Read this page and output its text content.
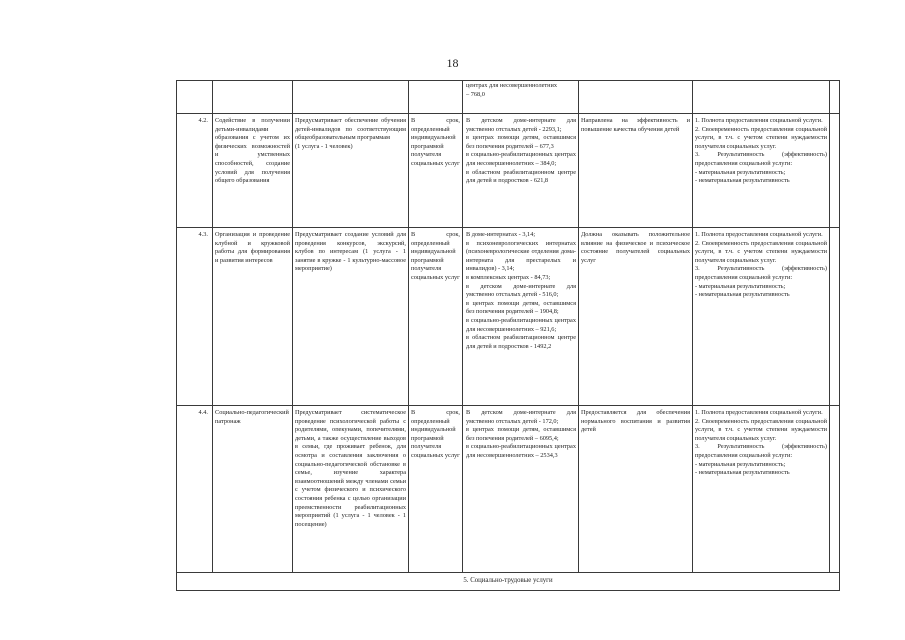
18
центрах для несовершеннолетних
– 768,0
4.2. Содействие в получении детьми-инвалидами образования с учетом их физических возможностей и умственных способностей, создание условий для получения общего образования
Предусматривает обеспечение обучения детей-инвалидов по соответствующим общеобразовательным программам
(1 услуга - 1 человек)
В срок, определенный индивидуальной программой получателя социальных услуг
В детском доме-интернате для умственно отсталых детей - 2293,1;
в центрах помощи детям, оставшимся без попечения родителей – 677,3
в социально-реабилитационных центрах для несовершеннолетних – 384,0;
в областном реабилитационном центре для детей и подростков - 621,8
Направлена на эффективность и повышение качества обучения детей
1. Полнота предоставления социальной услуги.
2. Своевременность предоставления социальной услуги, в т.ч. с учетом степени нуждаемости получателя социальных услуг.
3. Результативность (эффективность) предоставления социальной услуги:
- материальная результативность;
- нематериальная результативность
4.3. Организация и проведение клубной и кружковой работы для формирования и развития интересов
Предусматривает создание условий для проведения конкурсов, экскурсий, клубов по интересам (1 услуга - 1 занятие в кружке - 1 культурно-массовое мероприятие)
В срок, определенный индивидуальной программой получателя социальных услуг
В доме-интернатах - 3,14;
в психоневрологических интернатах (психоневрологические отделения дома-интерната для престарелых и инвалидов) - 3,14;
в комплексных центрах - 84,73;
в детском доме-интернате для умственно отсталых детей - 516,0;
в центрах помощи детям, оставшимся без попечения родителей – 1904,8;
в социально-реабилитационных центрах для несовершеннолетних – 921,6;
в областном реабилитационном центре для детей и подростков - 1492,2
Должна оказывать положительное влияние на физическое и психическое состояние получателей социальных услуг
1. Полнота предоставления социальной услуги.
2. Своевременность предоставления социальной услуги, в т.ч. с учетом степени нуждаемости получателя социальных услуг.
3. Результативность (эффективность) предоставления социальной услуги:
- материальная результативность;
- нематериальная результативность
4.4. Социально-педагогический патронаж
Предусматривает систематическое проведение психологической работы с родителями, опекунами, попечителями, детьми, а также осуществление выходов в семьи, где проживает ребенок, для осмотра и составления заключения о социально-педагогической обстановке в семье, изучение характера взаимоотношений между членами семьи с учетом физического и психического состояния ребенка с целью организации преемственности реабилитационных мероприятий (1 услуга - 1 человек - 1 посещение)
В срок, определенный индивидуальной программой получателя социальных услуг
В детском доме-интернате для умственно отсталых детей - 172,0;
в центрах помощи детям, оставшимся без попечения родителей – 6095,4;
в социально-реабилитационных центрах для несовершеннолетних – 2534,3
Предоставляется для обеспечения нормального воспитания и развития детей
1. Полнота предоставления социальной услуги.
2. Своевременность предоставления социальной услуги, в т.ч. с учетом степени нуждаемости получателя социальных услуг.
3. Результативность (эффективность) предоставления социальной услуги:
- материальная результативность;
- нематериальная результативность
5. Социально-трудовые услуги
